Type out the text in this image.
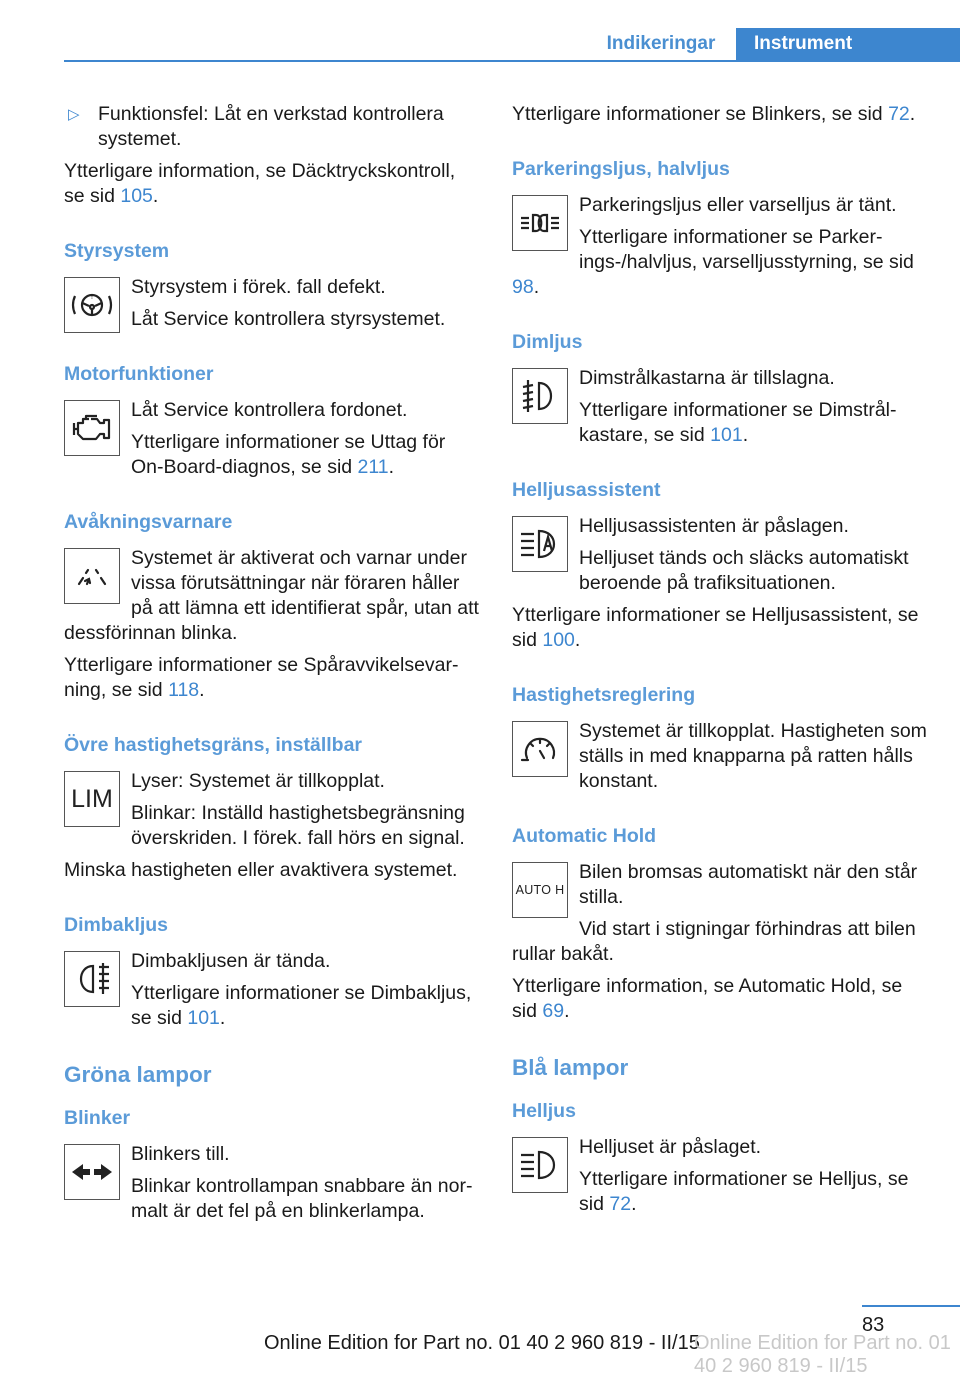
Indikeringar	Instrument
▷ Funktionsfel: Låt en verkstad kontrollera systemet.
Ytterligare information, se Däcktryckskontroll, se sid 105.
Styrsystem
!	Styrsystem i förek. fall defekt.
Låt Service kontrollera styrsystemet.
Motorfunktioner
Låt Service kontrollera fordonet.
Ytterligare informationer se Uttag för On-Board-diagnos, se sid 211.
Avåkningsvarnare
Systemet är aktiverat och varnar under vissa förutsättningar när föraren håller på att lämna ett identifierat spår, utan att dessförinnan blinka.
Ytterligare informationer se Spåravvikelsevarning, se sid 118.
Övre hastighetsgräns, inställbar
LIM
Lyser: Systemet är tillkopplat.
Blinkar: Inställd hastighetsbegränsning överskriden. I förek. fall hörs en signal.
Minska hastigheten eller avaktivera systemet.
Dimbakljus
Dimbakljusen är tända.
Ytterligare informationer se Dimbakljus, se sid 101.
Gröna lampor
Blinker
Blinkers till.
Blinkar kontrollampan snabbare än normalt är det fel på en blinkerlampa.
Ytterligare informationer se Blinkers, se sid 72.
Parkeringsljus, halvljus
Parkeringsljus eller varselljus är tänt.
Ytterligare informationer se Parkerings-/halvljus, varselljusstyrning, se sid 98.
Dimljus
Dimstrålkastarna är tillslagna.
Ytterligare informationer se Dimstrålkastare, se sid 101.
Helljusassistent
Helljusassistenten är påslagen.
Helljuset tänds och släcks automatiskt beroende på trafiksituationen.
Ytterligare informationer se Helljusassistent, se sid 100.
Hastighetsreglering
Systemet är tillkopplat. Hastigheten som ställs in med knapparna på ratten hålls konstant.
Automatic Hold
AUTO H
Bilen bromsas automatiskt när den står stilla.
Vid start i stigningar förhindras att bilen rullar bakåt.
Ytterligare information, se Automatic Hold, se sid 69.
Blå lampor
Helljus
Helljuset är påslaget.
Ytterligare informationer se Helljus, se sid 72.
83
Online Edition for Part no. 01 40 2 960 819 - II/15
Online Edition for Part no. 01 40 2 960 819 - II/15
